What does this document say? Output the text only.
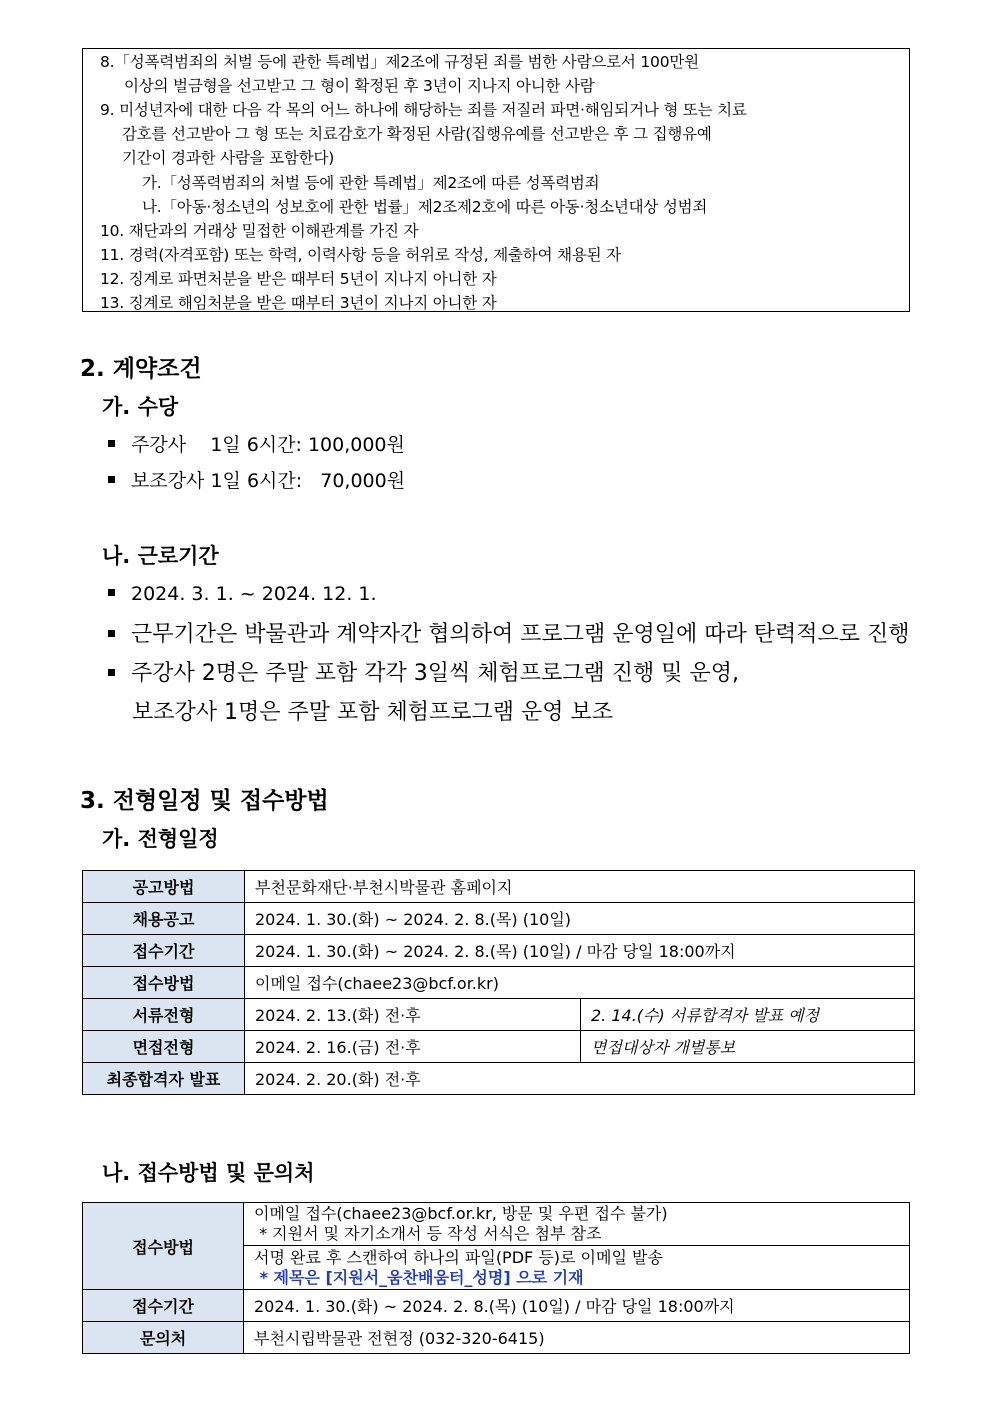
8.「성폭력범죄의 처벌 등에 관한 특례법」제2조에 규정된 죄를 범한 사람으로서 100만원
이상의 벌금형을 선고받고 그 형이 확정된 후 3년이 지나지 아니한 사람
9. 미성년자에 대한 다음 각 목의 어느 하나에 해당하는 죄를 저질러 파면·해임되거나 형 또는 치료
감호를 선고받아 그 형 또는 치료감호가 확정된 사람(집행유예를 선고받은 후 그 집행유예
기간이 경과한 사람을 포함한다)
가.「성폭력범죄의 처벌 등에 관한 특례법」제2조에 따른 성폭력범죄
나.「아동·청소년의 성보호에 관한 법률」제2조제2호에 따른 아동·청소년대상 성범죄
10. 재단과의 거래상 밀접한 이해관계를 가진 자
11. 경력(자격포함) 또는 학력, 이력사항 등을 허위로 작성, 제출하여 채용된 자
12. 징계로 파면처분을 받은 때부터 5년이 지나지 아니한 자
13. 징계로 해임처분을 받은 때부터 3년이 지나지 아니한 자
2. 계약조건
가. 수당
주강사    1일 6시간: 100,000원
보조강사 1일 6시간:   70,000원
나. 근로기간
2024. 3. 1. ~ 2024. 12. 1.
근무기간은 박물관과 계약자간 협의하여 프로그램 운영일에 따라 탄력적으로 진행
주강사 2명은 주말 포함 각각 3일씩 체험프로그램 진행 및 운영,
보조강사 1명은 주말 포함 체험프로그램 운영 보조
3. 전형일정 및 접수방법
가. 전형일정
공고방법	부천문화재단·부천시박물관 홈페이지	
채용공고	2024. 1. 30.(화) ~ 2024. 2. 8.(목) (10일)	
접수기간	2024. 1. 30.(화) ~ 2024. 2. 8.(목) (10일) / 마감 당일 18:00까지	
접수방법	이메일 접수(chaee23@bcf.or.kr)	
서류전형	2024. 2. 13.(화) 전·후	2. 14.(수) 서류합격자 발표 예정
면접전형	2024. 2. 16.(금) 전·후	면접대상자 개별통보
최종합격자 발표	2024. 2. 20.(화) 전·후	
나. 접수방법 및 문의처
접수방법	이메일 접수(chaee23@bcf.or.kr, 방문 및 우편 접수 불가)
* 지원서 및 자기소개서 등 작성 서식은 첨부 참조

	서명 완료 후 스캔하여 하나의 파일(PDF 등)로 이메일 발송
* 제목은 [지원서_움찬배움터_성명] 으로 기재

접수기간	2024. 1. 30.(화) ~ 2024. 2. 8.(목) (10일) / 마감 당일 18:00까지
문의처	부천시립박물관 전현정 (032-320-6415)
